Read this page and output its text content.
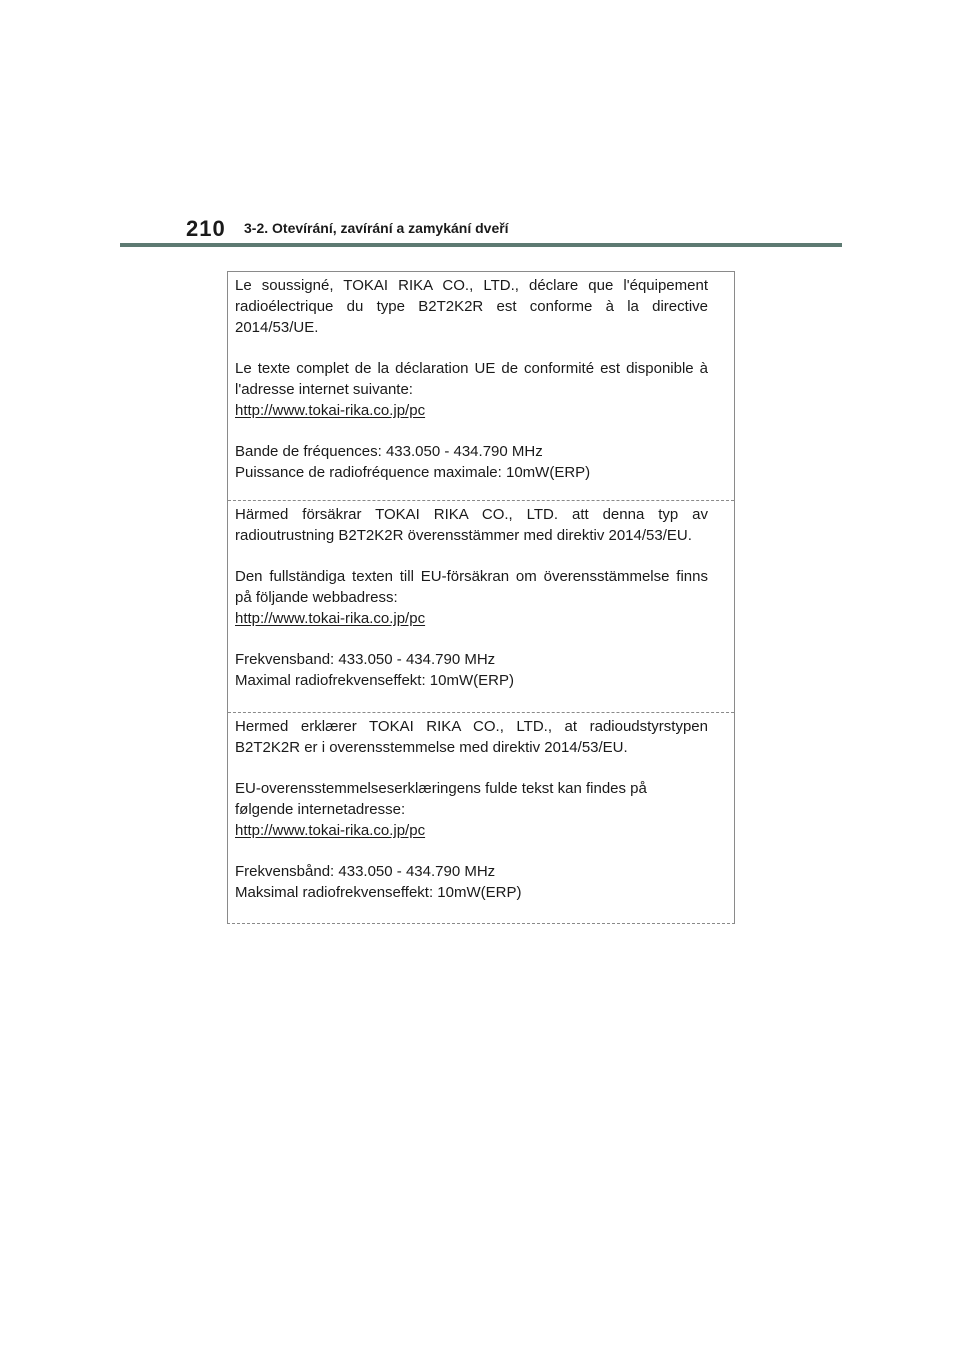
210 3-2. Otevírání, zavírání a zamykání dveří

Le soussigné, TOKAI RIKA CO., LTD., déclare que l'équipement
radioélectrique du type B2T2K2R est conforme à la directive
2014/53/UE.

Le texte complet de la déclaration UE de conformité est disponible à
l'adresse internet suivante:
http://www.tokai-rika.co.jp/pc

Bande de fréquences: 433.050 - 434.790 MHz
Puissance de radiofréquence maximale: 10mW(ERP)

Härmed försäkrar TOKAI RIKA CO., LTD. att denna typ av
radioutrustning B2T2K2R överensstämmer med direktiv 2014/53/EU.

Den fullständiga texten till EU-försäkran om överensstämmelse finns
på följande webbadress:
http://www.tokai-rika.co.jp/pc

Frekvensband: 433.050 - 434.790 MHz
Maximal radiofrekvenseffekt: 10mW(ERP)

Hermed erklærer TOKAI RIKA CO., LTD., at radioudstyrstypen
B2T2K2R er i overensstemmelse med direktiv 2014/53/EU.

EU-overensstemmelseserklæringens fulde tekst kan findes på
følgende internetadresse:
http://www.tokai-rika.co.jp/pc

Frekvensbånd: 433.050 - 434.790 MHz
Maksimal radiofrekvenseffekt: 10mW(ERP)
